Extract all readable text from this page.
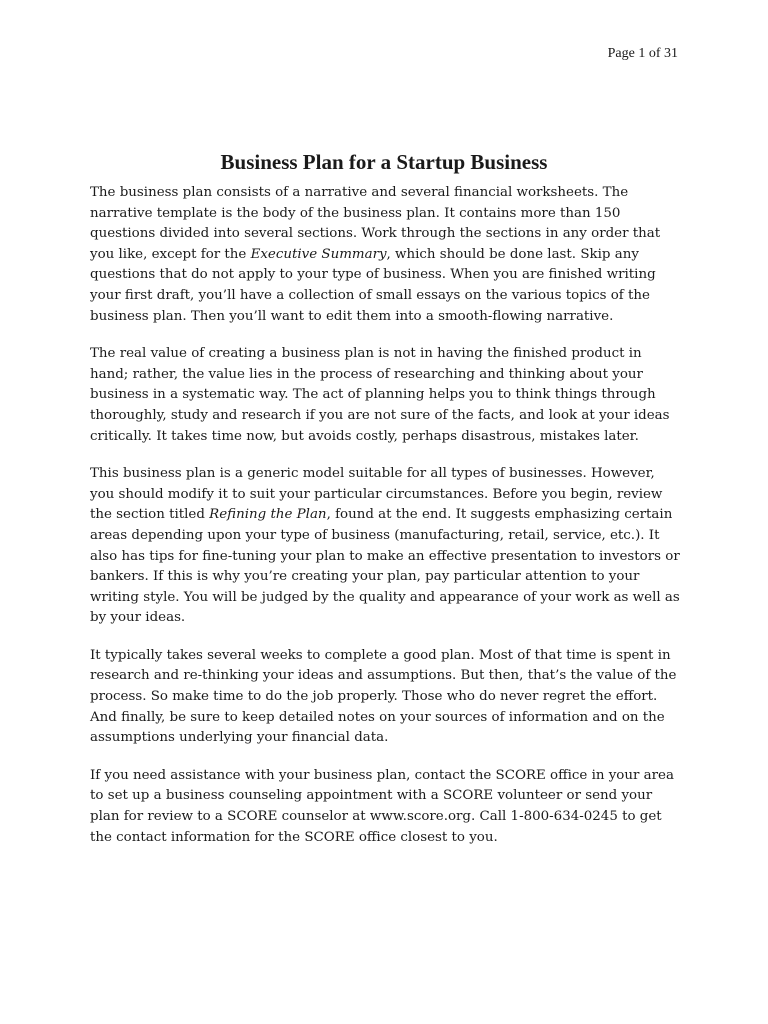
Page 1 of 31
Business Plan for a Startup Business

The business plan consists of a narrative and several financial worksheets. The narrative template is the body of the business plan. It contains more than 150 questions divided into several sections. Work through the sections in any order that you like, except for the Executive Summary, which should be done last. Skip any questions that do not apply to your type of business. When you are finished writing your first draft, you’ll have a collection of small essays on the various topics of the business plan. Then you’ll want to edit them into a smooth-flowing narrative.

The real value of creating a business plan is not in having the finished product in hand; rather, the value lies in the process of researching and thinking about your business in a systematic way. The act of planning helps you to think things through thoroughly, study and research if you are not sure of the facts, and look at your ideas critically. It takes time now, but avoids costly, perhaps disastrous, mistakes later.

This business plan is a generic model suitable for all types of businesses. However, you should modify it to suit your particular circumstances. Before you begin, review the section titled Refining the Plan, found at the end. It suggests emphasizing certain areas depending upon your type of business (manufacturing, retail, service, etc.). It also has tips for fine-tuning your plan to make an effective presentation to investors or bankers. If this is why you’re creating your plan, pay particular attention to your writing style. You will be judged by the quality and appearance of your work as well as by your ideas.

It typically takes several weeks to complete a good plan. Most of that time is spent in research and re-thinking your ideas and assumptions. But then, that’s the value of the process. So make time to do the job properly. Those who do never regret the effort. And finally, be sure to keep detailed notes on your sources of information and on the assumptions underlying your financial data.

If you need assistance with your business plan, contact the SCORE office in your area to set up a business counseling appointment with a SCORE volunteer or send your plan for review to a SCORE counselor at www.score.org. Call 1-800-634-0245 to get the contact information for the SCORE office closest to you.
